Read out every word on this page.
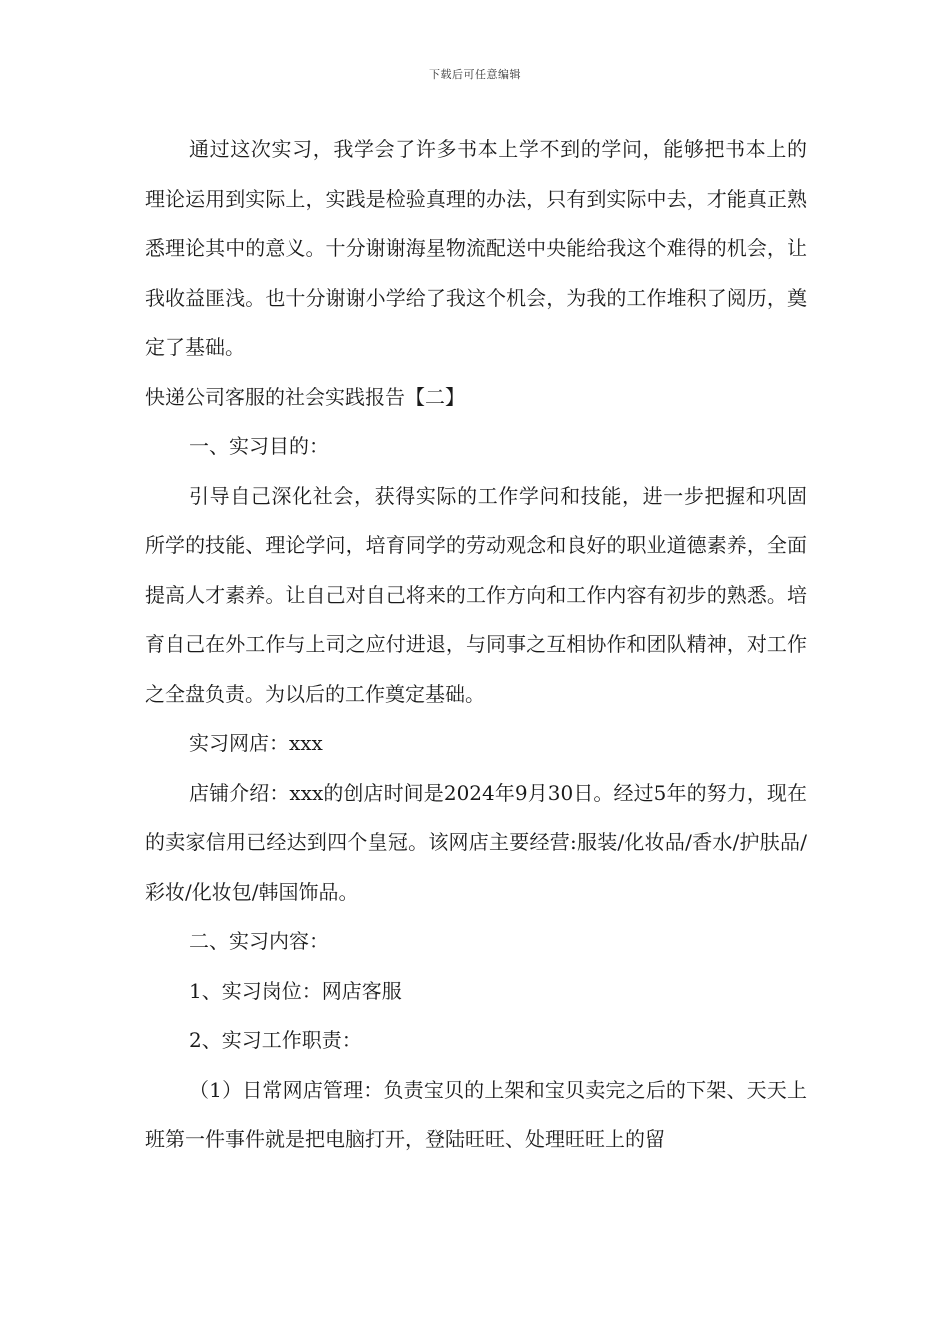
下载后可任意编辑

通过这次实习，我学会了许多书本上学不到的学问，能够把书本上的理论运用到实际上，实践是检验真理的办法，只有到实际中去，才能真正熟悉理论其中的意义。十分谢谢海星物流配送中央能给我这个难得的机会，让我收益匪浅。也十分谢谢小学给了我这个机会，为我的工作堆积了阅历，奠定了基础。

快递公司客服的社会实践报告【二】

一、实习目的：

引导自己深化社会，获得实际的工作学问和技能，进一步把握和巩固所学的技能、理论学问，培育同学的劳动观念和良好的职业道德素养，全面提高人才素养。让自己对自己将来的工作方向和工作内容有初步的熟悉。培育自己在外工作与上司之应付进退，与同事之互相协作和团队精神，对工作之全盘负责。为以后的工作奠定基础。

实习网店：xxx

店铺介绍：xxx的创店时间是2024年9月30日。经过5年的努力，现在的卖家信用已经达到四个皇冠。该网店主要经营:服装/化妆品/香水/护肤品/彩妆/化妆包/韩国饰品。

二、实习内容：

1、实习岗位：网店客服

2、实习工作职责：

（1）日常网店管理：负责宝贝的上架和宝贝卖完之后的下架、天天上班第一件事件就是把电脑打开，登陆旺旺、处理旺旺上的留
